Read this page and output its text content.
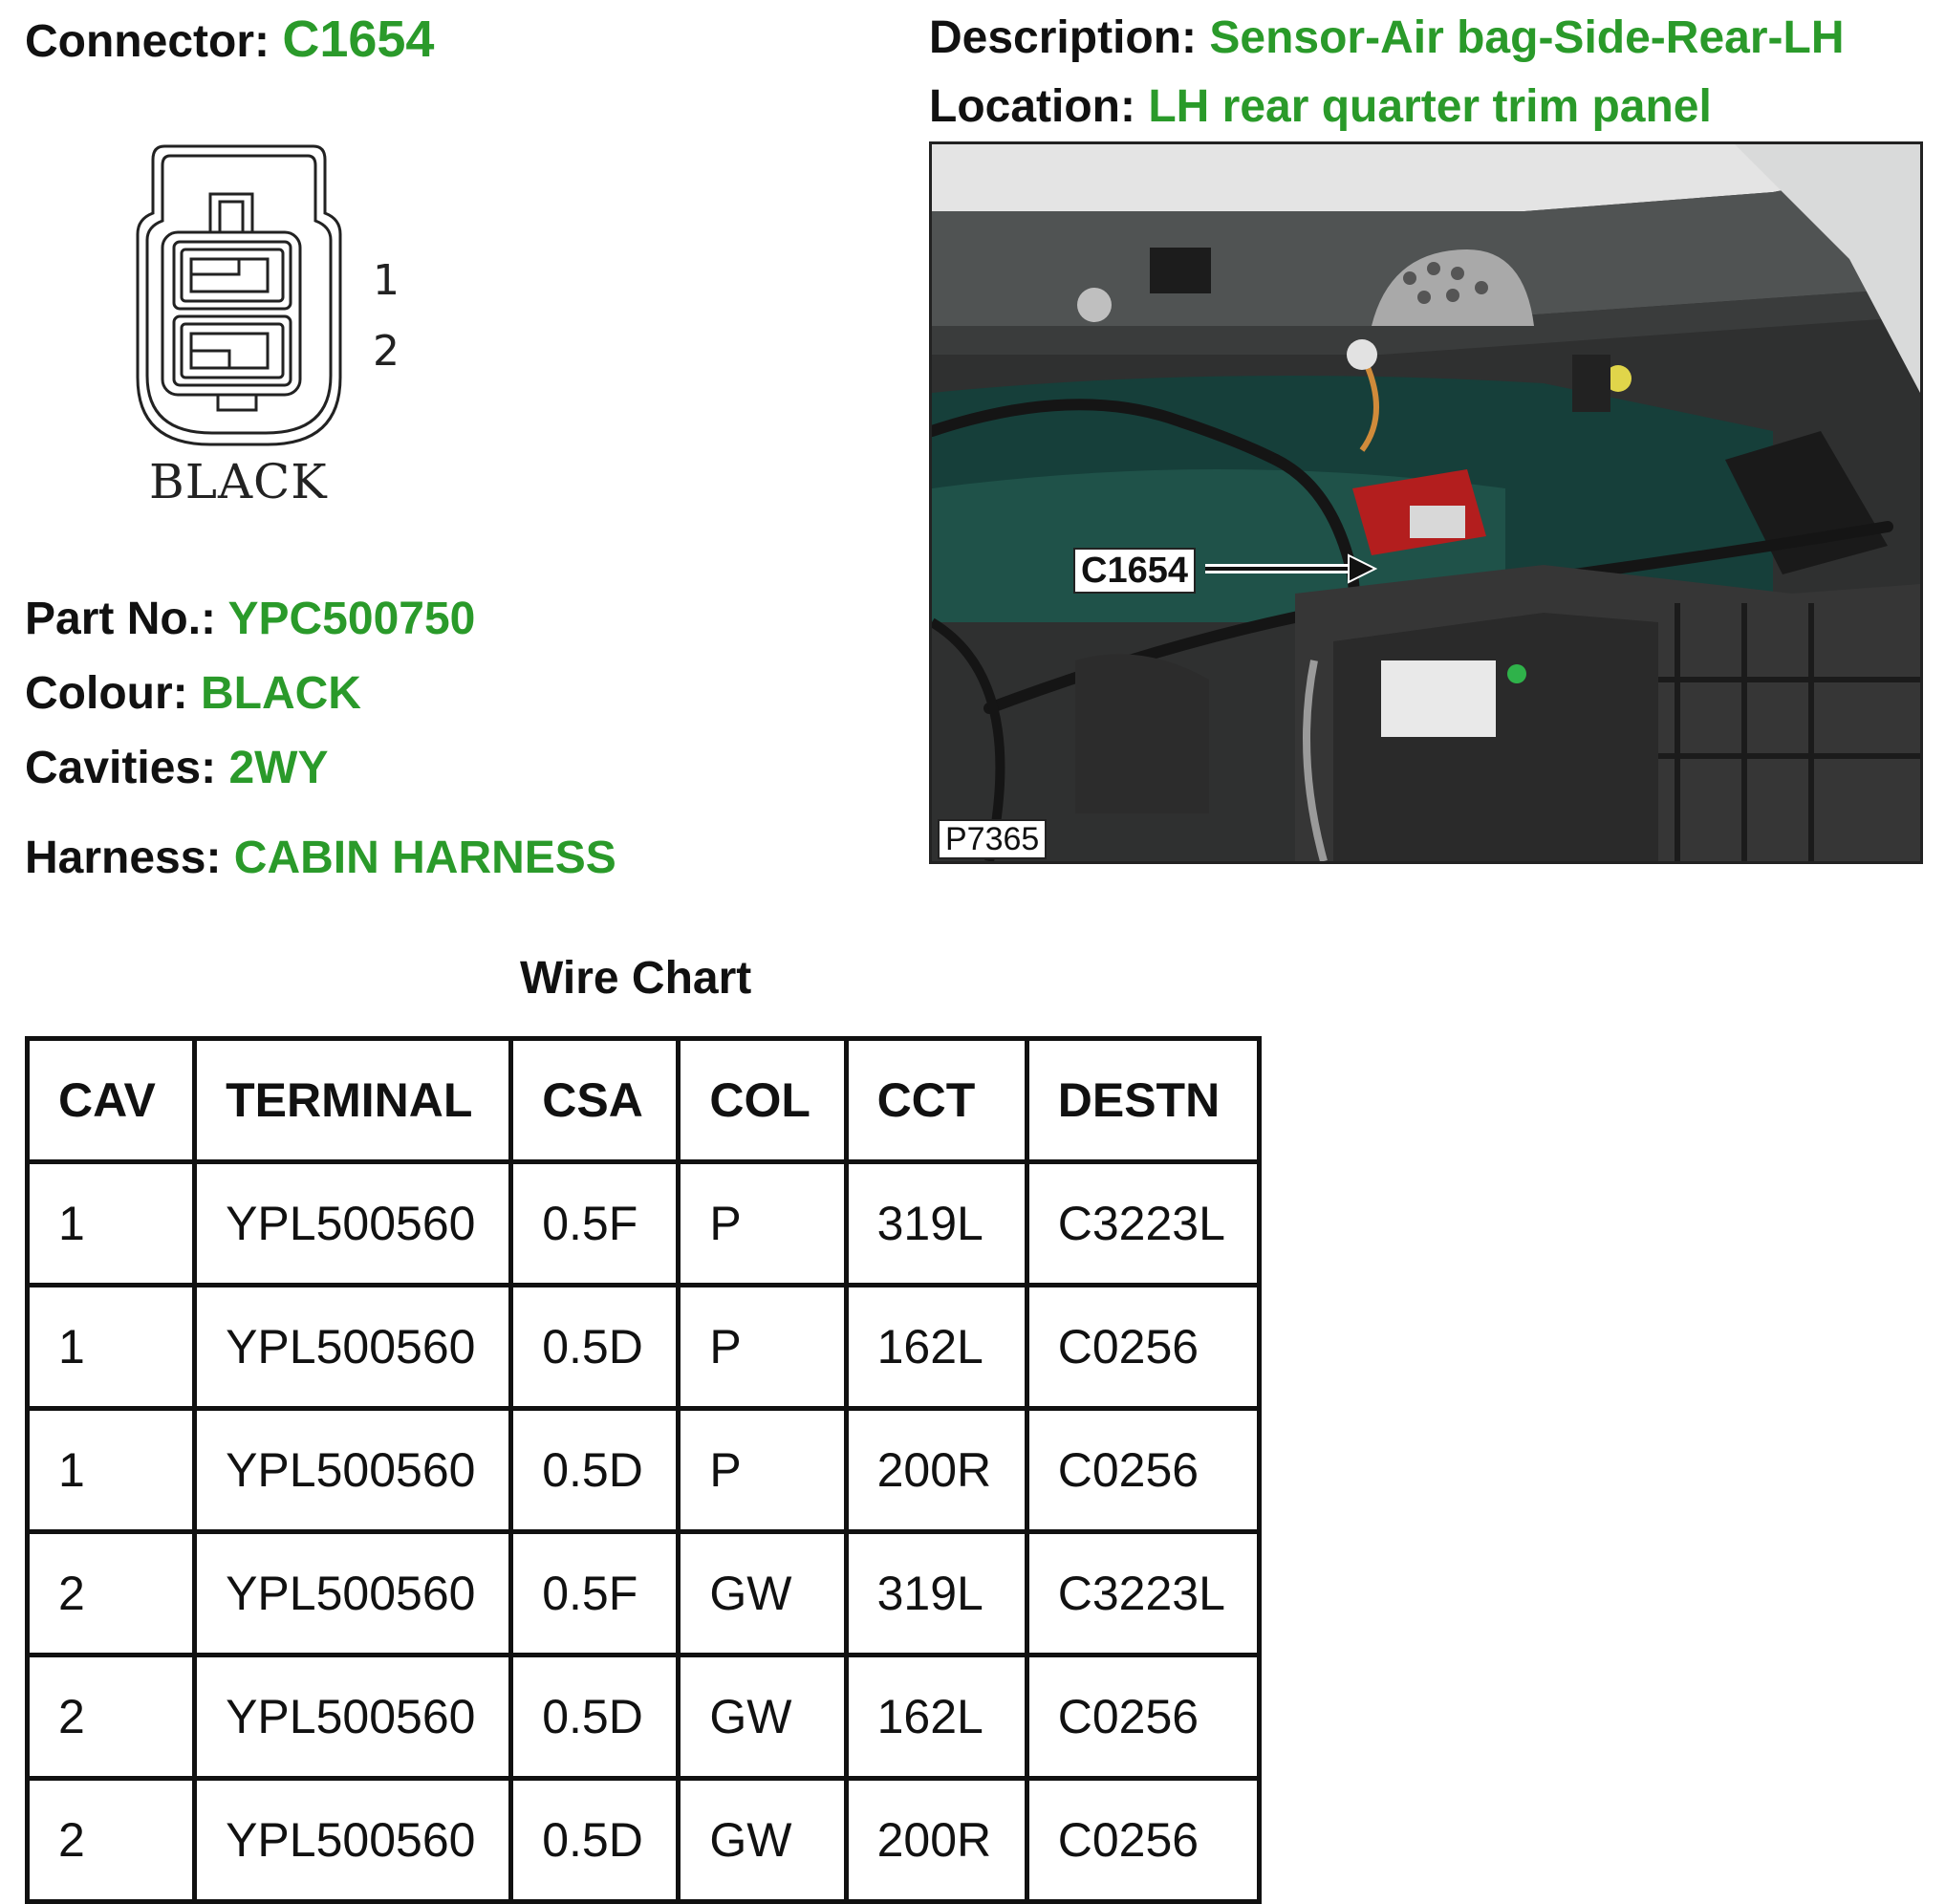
Connector: C1654	Description: Sensor-Air bag-Side-Rear-LH
Location: LH rear quarter trim panel
1
2
BLACK
C1654
P7365
Part No.: YPC500750
Colour: BLACK
Cavities: 2WY
Harness: CABIN HARNESS
Wire Chart
CAV	TERMINAL	CSA	COL	CCT	DESTN
1	YPL500560	0.5F	P	319L	C3223L
1	YPL500560	0.5D	P	162L	C0256
1	YPL500560	0.5D	P	200R	C0256
2	YPL500560	0.5F	GW	319L	C3223L
2	YPL500560	0.5D	GW	162L	C0256
2	YPL500560	0.5D	GW	200R	C0256
